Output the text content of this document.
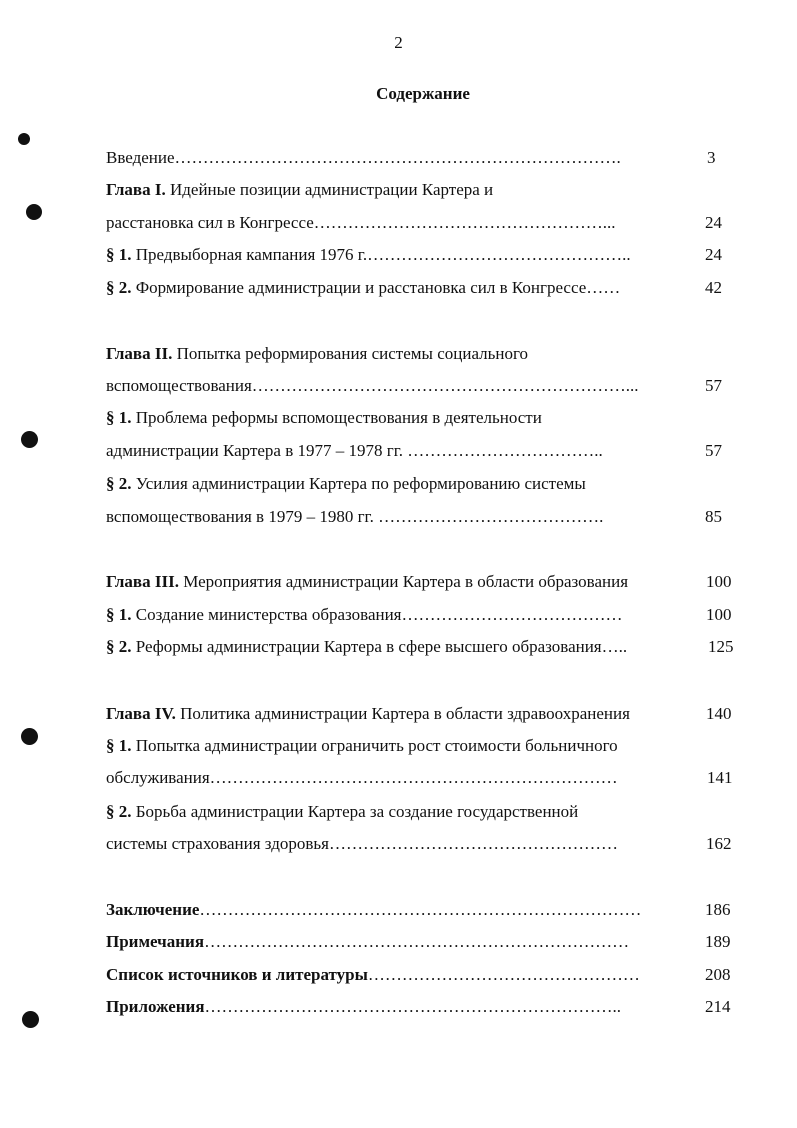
2
Содержание
Введение…………………………………………………………………….	3
Глава I. Идейные позиции администрации Картера и
расстановка сил в Конгрессе……………………………………………...	24
§ 1. Предвыборная кампания 1976 г.………………………………………..	24
§ 2. Формирование администрации и расстановка сил в Конгрессе……	42
Глава II. Попытка реформирования системы социального
вспомоществования…………………………………………………………...	57
§ 1. Проблема реформы вспомоществования в деятельности
администрации Картера в 1977 – 1978 гг. ……………………………..	57
§ 2. Усилия администрации Картера по реформированию системы
вспомоществования в 1979 – 1980 гг. ………………………………….	85
Глава III. Мероприятия администрации Картера в области образования	100
§ 1. Создание министерства образования…………………………………	100
§ 2. Реформы администрации Картера в сфере высшего образования…..	125
Глава IV. Политика администрации Картера в области здравоохранения	140
§ 1. Попытка администрации ограничить рост стоимости больничного
обслуживания………………………………………………………………	141
§ 2. Борьба администрации Картера за создание государственной
системы страхования здоровья……………………………………………	162
Заключение……………………………………………………………………	186
Примечания…………………………………………………………………	189
Список источников и литературы…………………………………………	208
Приложения………………………………………………………………..	214
